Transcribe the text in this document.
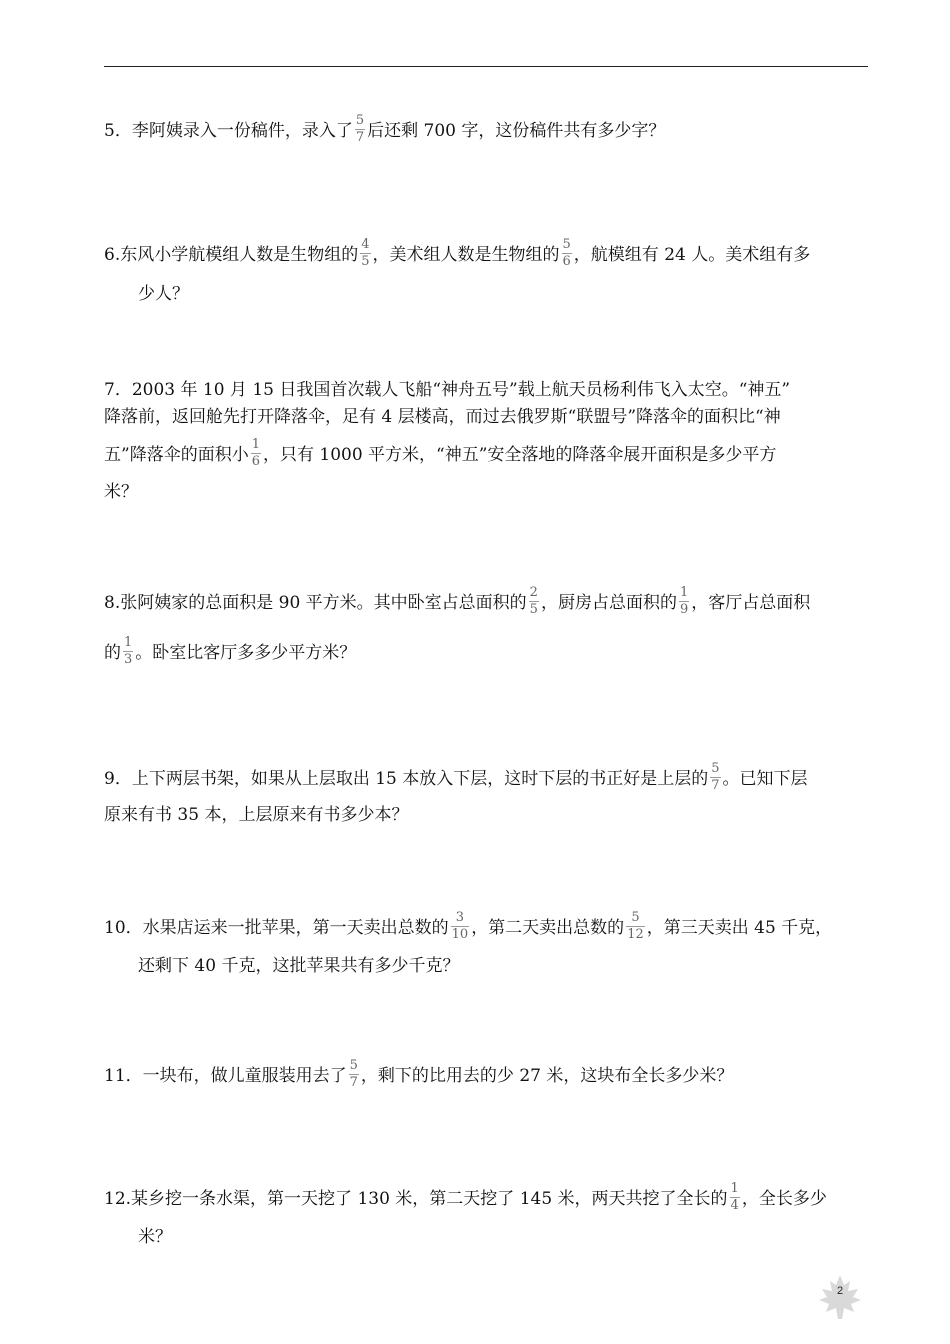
5．李阿姨录入一份稿件，录入了 $\frac{5}{7}$ 后还剩 700 字，这份稿件共有多少字？
6.东风小学航模组人数是生物组的 $\frac{4}{5}$ ，美术组人数是生物组的 $\frac{5}{6}$ ，航模组有 24 人。美术组有多
少人？
7．2003 年 10 月 15 日我国首次载人飞船“神舟五号”载上航天员杨利伟飞入太空。“神五”
降落前，返回舱先打开降落伞，足有 4 层楼高，而过去俄罗斯“联盟号”降落伞的面积比“神
五”降落伞的面积小 $\frac{1}{6}$ ，只有 1000 平方米，“神五”安全落地的降落伞展开面积是多少平方
米？
8.张阿姨家的总面积是 90 平方米。其中卧室占总面积的 $\frac{2}{5}$ ，厨房占总面积的 $\frac{1}{9}$ ，客厅占总面积
的 $\frac{1}{3}$ 。卧室比客厅多多少平方米？
9．上下两层书架，如果从上层取出 15 本放入下层，这时下层的书正好是上层的 $\frac{5}{7}$ 。已知下层
原来有书 35 本，上层原来有书多少本？
10．水果店运来一批苹果，第一天卖出总数的 $\frac{3}{10}$ ，第二天卖出总数的 $\frac{5}{12}$ ，第三天卖出 45 千克，
还剩下 40 千克，这批苹果共有多少千克？
11．一块布，做儿童服装用去了 $\frac{5}{7}$ ，剩下的比用去的少 27 米，这块布全长多少米？
12.某乡挖一条水渠，第一天挖了 130 米，第二天挖了 145 米，两天共挖了全长的 $\frac{1}{4}$ ，全长多少
米？
2
